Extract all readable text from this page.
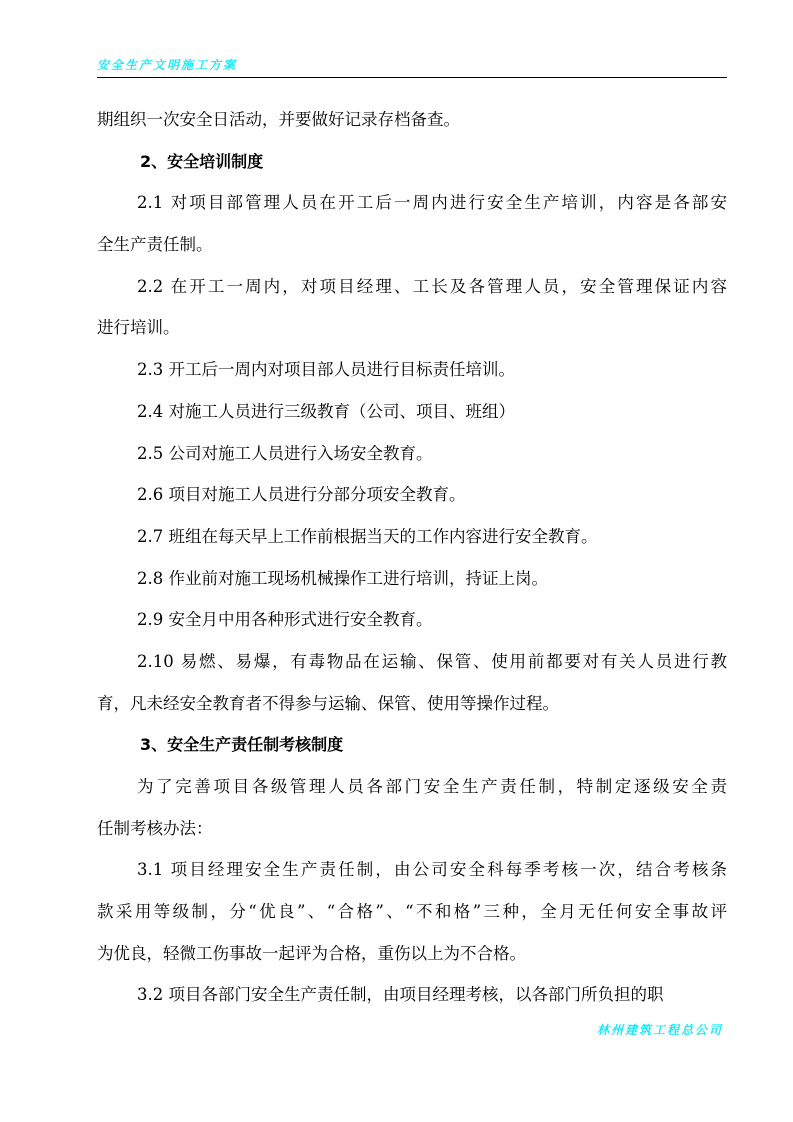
安全生产文明施工方案
期组织一次安全日活动，并要做好记录存档备查。
2、安全培训制度
2.1 对项目部管理人员在开工后一周内进行安全生产培训，内容是各部安
全生产责任制。
2.2 在开工一周内，对项目经理、工长及各管理人员，安全管理保证内容
进行培训。
2.3 开工后一周内对项目部人员进行目标责任培训。
2.4 对施工人员进行三级教育（公司、项目、班组）
2.5 公司对施工人员进行入场安全教育。
2.6 项目对施工人员进行分部分项安全教育。
2.7 班组在每天早上工作前根据当天的工作内容进行安全教育。
2.8 作业前对施工现场机械操作工进行培训，持证上岗。
2.9 安全月中用各种形式进行安全教育。
2.10 易燃、易爆，有毒物品在运输、保管、使用前都要对有关人员进行教
育，凡未经安全教育者不得参与运输、保管、使用等操作过程。
3、安全生产责任制考核制度
为了完善项目各级管理人员各部门安全生产责任制，特制定逐级安全责
任制考核办法：
3.1 项目经理安全生产责任制，由公司安全科每季考核一次，结合考核条
款采用等级制，分“优良”、“合格”、“不和格”三种，全月无任何安全事故评
为优良，轻微工伤事故一起评为合格，重伤以上为不合格。
3.2 项目各部门安全生产责任制，由项目经理考核，以各部门所负担的职
林州建筑工程总公司
